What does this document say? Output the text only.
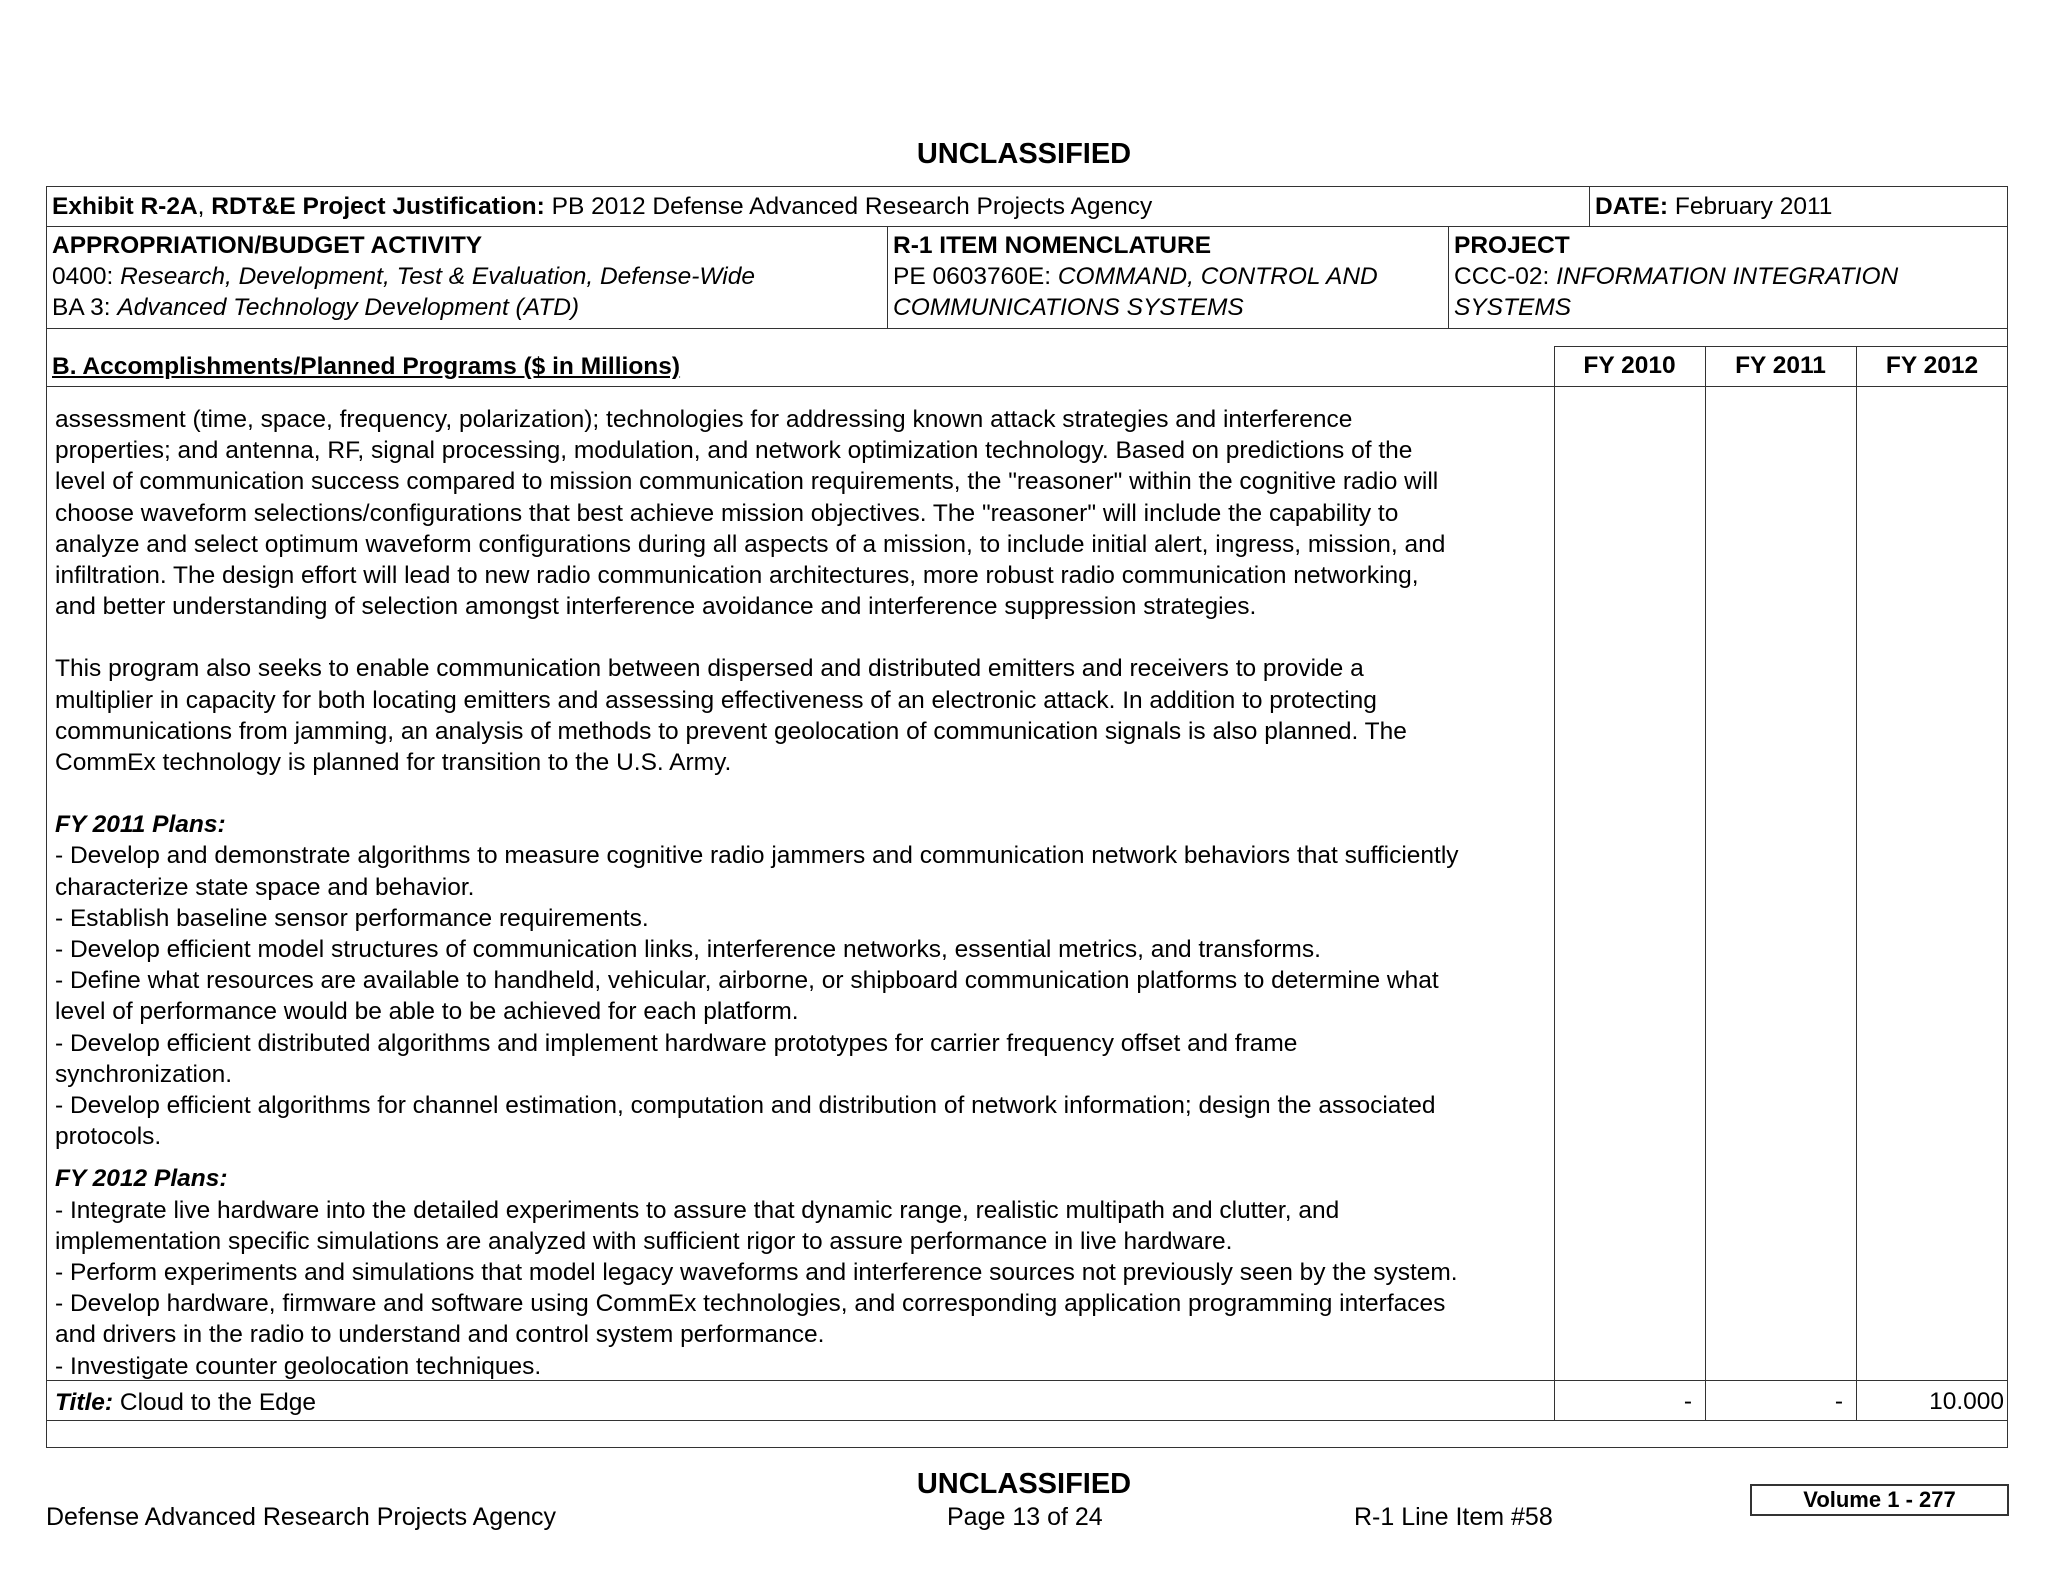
UNCLASSIFIED
Exhibit R-2A, RDT&E Project Justification: PB 2012 Defense Advanced Research Projects Agency	DATE: February 2011
APPROPRIATION/BUDGET ACTIVITY
0400: Research, Development, Test & Evaluation, Defense-Wide
BA 3: Advanced Technology Development (ATD)
R-1 ITEM NOMENCLATURE
PE 0603760E: COMMAND, CONTROL AND
COMMUNICATIONS SYSTEMS
PROJECT
CCC-02: INFORMATION INTEGRATION
SYSTEMS
B. Accomplishments/Planned Programs ($ in Millions)	FY 2010	FY 2011	FY 2012

assessment (time, space, frequency, polarization); technologies for addressing known attack strategies and interference

properties; and antenna, RF, signal processing, modulation, and network optimization technology. Based on predictions of the

level of communication success compared to mission communication requirements, the "reasoner" within the cognitive radio will

choose waveform selections/configurations that best achieve mission objectives. The "reasoner" will include the capability to

analyze and select optimum waveform configurations during all aspects of a mission, to include initial alert, ingress, mission, and

infiltration. The design effort will lead to new radio communication architectures, more robust radio communication networking,

and better understanding of selection amongst interference avoidance and interference suppression strategies.

This program also seeks to enable communication between dispersed and distributed emitters and receivers to provide a

multiplier in capacity for both locating emitters and assessing effectiveness of an electronic attack. In addition to protecting

communications from jamming, an analysis of methods to prevent geolocation of communication signals is also planned. The

CommEx technology is planned for transition to the U.S. Army.

FY 2011 Plans:

- Develop and demonstrate algorithms to measure cognitive radio jammers and communication network behaviors that sufficiently

characterize state space and behavior.

- Establish baseline sensor performance requirements.

- Develop efficient model structures of communication links, interference networks, essential metrics, and transforms.

- Define what resources are available to handheld, vehicular, airborne, or shipboard communication platforms to determine what

level of performance would be able to be achieved for each platform.

- Develop efficient distributed algorithms and implement hardware prototypes for carrier frequency offset and frame

synchronization.

- Develop efficient algorithms for channel estimation, computation and distribution of network information; design the associated

protocols.

FY 2012 Plans:

- Integrate live hardware into the detailed experiments to assure that dynamic range, realistic multipath and clutter, and

implementation specific simulations are analyzed with sufficient rigor to assure performance in live hardware.

- Perform experiments and simulations that model legacy waveforms and interference sources not previously seen by the system.

- Develop hardware, firmware and software using CommEx technologies, and corresponding application programming interfaces

and drivers in the radio to understand and control system performance.

- Investigate counter geolocation techniques.

Title: Cloud to the Edge	-	-	10.000
UNCLASSIFIED
Defense Advanced Research Projects Agency	Page 13 of 24	R-1 Line Item #58
Volume 1 - 277
